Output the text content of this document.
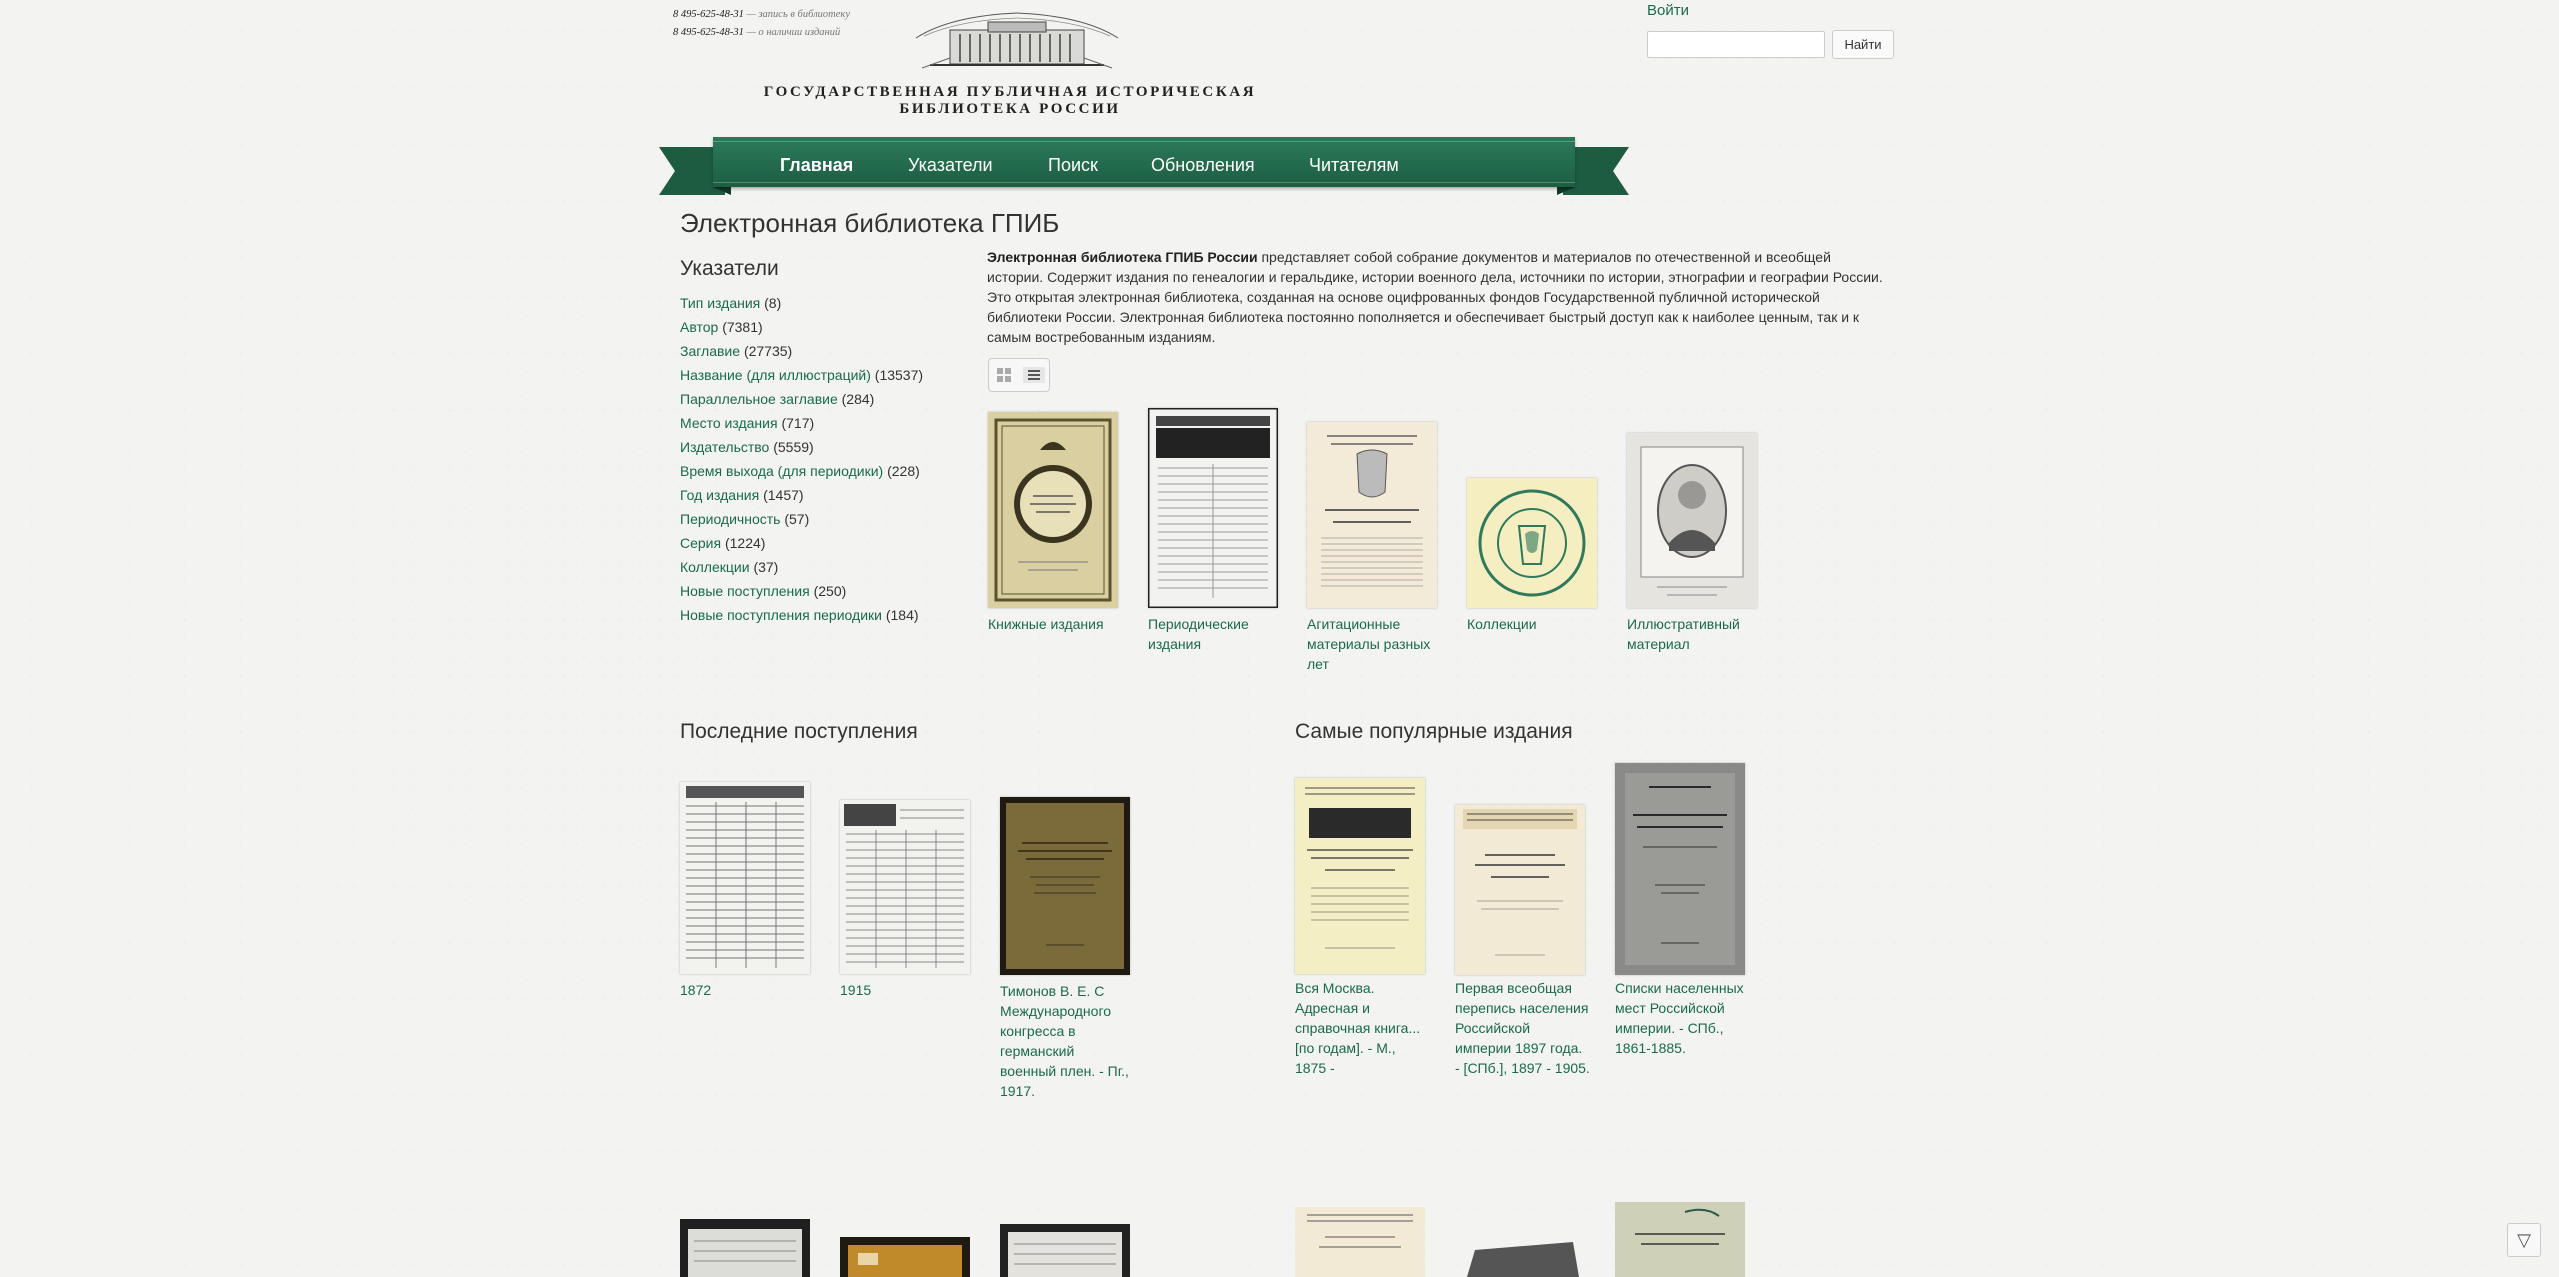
8 495-625-48-31 — запись в библиотеку
8 495-625-48-31 — о наличии изданий
ГОСУДАРСТВЕННАЯ ПУБЛИЧНАЯ ИСТОРИЧЕСКАЯ
БИБЛИОТЕКА РОССИИ
Войти
Найти
Главная	Указатели	Поиск	Обновления	Читателям
Электронная библиотека ГПИБ
Указатели
Тип издания (8)
Автор (7381)
Заглавие (27735)
Название (для иллюстраций) (13537)
Параллельное заглавие (284)
Место издания (717)
Издательство (5559)
Время выхода (для периодики) (228)
Год издания (1457)
Периодичность (57)
Серия (1224)
Коллекции (37)
Новые поступления (250)
Новые поступления периодики (184)
Электронная библиотека ГПИБ России представляет собой собрание документов и материалов по отечественной и всеобщей истории. Содержит издания по генеалогии и геральдике, истории военного дела, источники по истории, этнографии и географии России. Это открытая электронная библиотека, созданная на основе оцифрованных фондов Государственной публичной исторической библиотеки России. Электронная библиотека постоянно пополняется и обеспечивает быстрый доступ как к наиболее ценным, так и к самым востребованным изданиям.
Книжные издания	Периодические издания
Агитационные материалы разных лет
Коллекции	Иллюстративный материал
Последние поступления
1872	1915	Тимонов В. Е. С Международного конгресса в германский военный плен. - Пг., 1917.
Самые популярные издания
Вся Москва. Адресная и справочная книга... [по годам]. - М., 1875 -
Первая всеобщая перепись населения Российской империи 1897 года. - [СПб.], 1897 - 1905.
Списки населенных мест Российской империи. - СПб., 1861-1885.
▽
